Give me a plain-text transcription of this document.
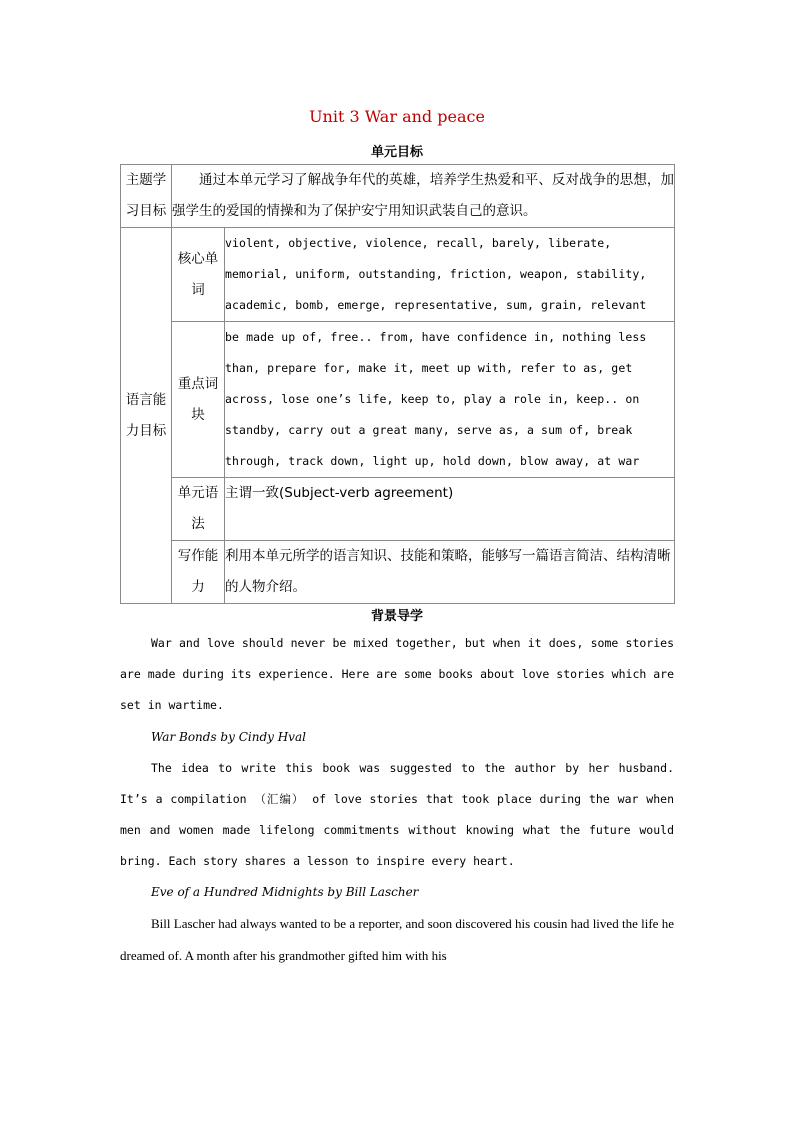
Unit 3 War and peace
单元目标
主题学习目标	通过本单元学习了解战争年代的英雄，培养学生热爱和平、反对战争的思想，加强学生的爱国的情操和为了保护安宁用知识武装自己的意识。	
语言能力目标	核心单词	violent, objective, violence, recall, barely, liberate, memorial, uniform, outstanding, friction, weapon, stability, academic, bomb, emerge, representative, sum, grain, relevant
	重点词块	be made up of, free.. from, have confidence in, nothing less than, prepare for, make it, meet up with, refer to as, get across, lose one’s life, keep to, play a role in, keep.. on standby, carry out a great many, serve as, a sum of, break through, track down, light up, hold down, blow away, at war
	单元语法	主谓一致(Subject-verb agreement)
	写作能力	利用本单元所学的语言知识、技能和策略，能够写一篇语言简洁、结构清晰的人物介绍。
背景导学

War and love should never be mixed together, but when it does, some stories are made during its experience. Here are some books about love stories which are set in wartime.

War Bonds by Cindy Hval

The idea to write this book was suggested to the author by her husband. It’s a compilation （汇编） of love stories that took place during the war when men and women made lifelong commitments without knowing what the future would bring. Each story shares a lesson to inspire every heart.

Eve of a Hundred Midnights by Bill Lascher

Bill Lascher had always wanted to be a reporter, and soon discovered his cousin had lived the life he dreamed of. A month after his grandmother gifted him with his
